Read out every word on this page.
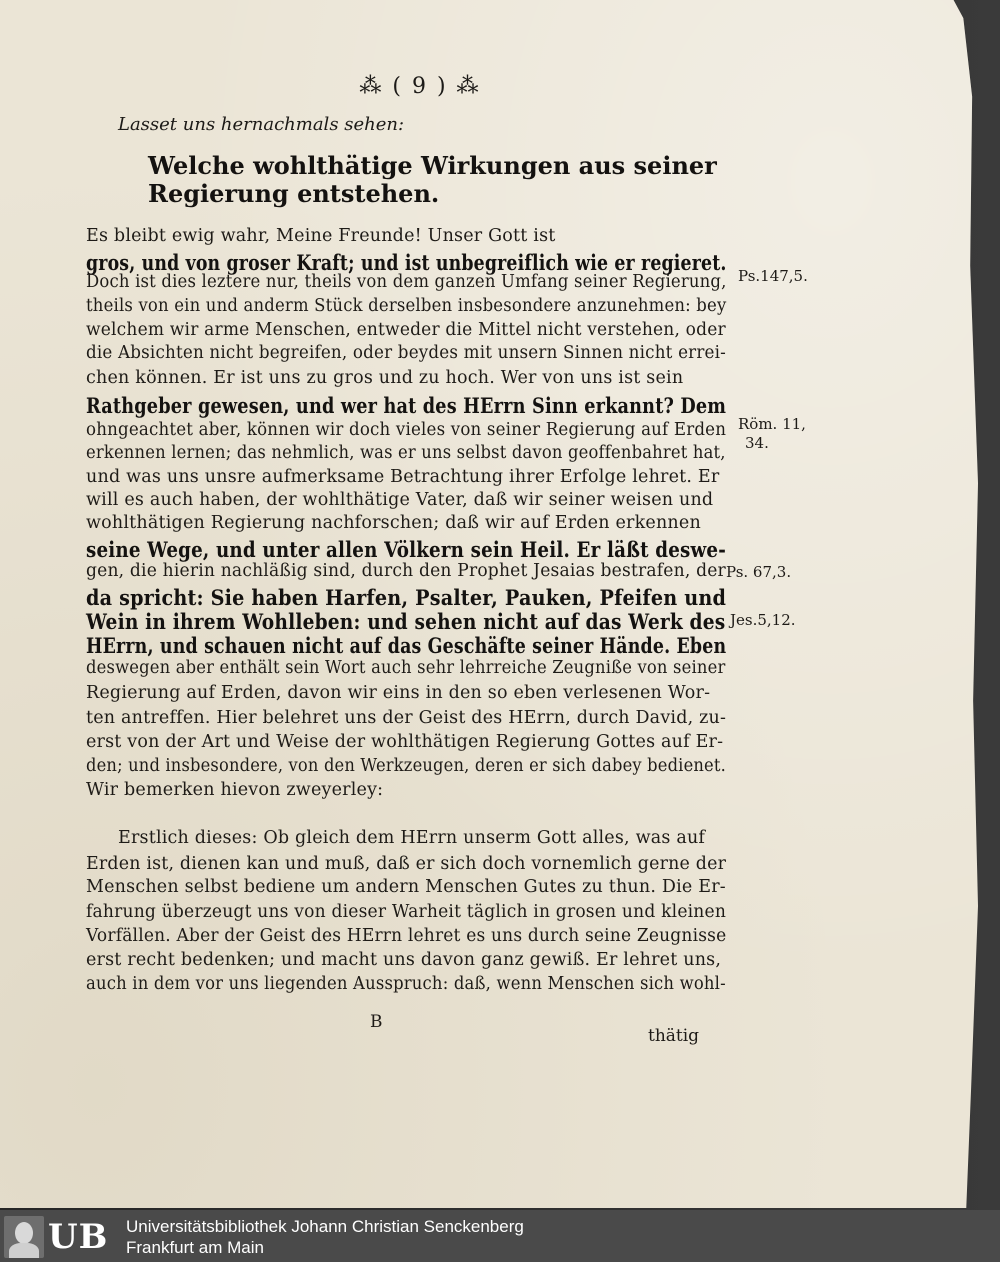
⁂ ( 9 ) ⁂
Lasset uns hernachmals sehen:
Welche wohlthätige Wirkungen aus seiner Regierung entstehen.
Es bleibt ewig wahr, Meine Freunde! Unser Gott ist
gros, und von groser Kraft; und ist unbegreiflich wie er regieret.
Doch ist dies leztere nur, theils von dem ganzen Umfang seiner Regierung,
theils von ein und anderm Stück derselben insbesondere anzunehmen: bey
welchem wir arme Menschen, entweder die Mittel nicht verstehen, oder
die Absichten nicht begreifen, oder beydes mit unsern Sinnen nicht errei-
chen können. Er ist uns zu gros und zu hoch. Wer von uns ist sein
Rathgeber gewesen, und wer hat des HErrn Sinn erkannt? Dem
ohngeachtet aber, können wir doch vieles von seiner Regierung auf Erden
erkennen lernen; das nehmlich, was er uns selbst davon geoffenbahret hat,
und was uns unsre aufmerksame Betrachtung ihrer Erfolge lehret. Er
will es auch haben, der wohlthätige Vater, daß wir seiner weisen und
wohlthätigen Regierung nachforschen; daß wir auf Erden erkennen
seine Wege, und unter allen Völkern sein Heil. Er läßt deswe-
gen, die hierin nachläßig sind, durch den Prophet Jesaias bestrafen, der
da spricht: Sie haben Harfen, Psalter, Pauken, Pfeifen und
Wein in ihrem Wohlleben: und sehen nicht auf das Werk des
HErrn, und schauen nicht auf das Geschäfte seiner Hände. Eben
deswegen aber enthält sein Wort auch sehr lehrreiche Zeugniße von seiner
Regierung auf Erden, davon wir eins in den so eben verlesenen Wor-
ten antreffen. Hier belehret uns der Geist des HErrn, durch David, zu-
erst von der Art und Weise der wohlthätigen Regierung Gottes auf Er-
den; und insbesondere, von den Werkzeugen, deren er sich dabey bedienet.
Wir bemerken hievon zweyerley:
Erstlich dieses: Ob gleich dem HErrn unserm Gott alles, was auf
Erden ist, dienen kan und muß, daß er sich doch vornemlich gerne der
Menschen selbst bediene um andern Menschen Gutes zu thun. Die Er-
fahrung überzeugt uns von dieser Warheit täglich in grosen und kleinen
Vorfällen. Aber der Geist des HErrn lehret es uns durch seine Zeugnisse
erst recht bedenken; und macht uns davon ganz gewiß. Er lehret uns,
auch in dem vor uns liegenden Ausspruch: daß, wenn Menschen sich wohl-
Ps.147,5.
Röm. 11,
34.
Ps. 67,3.
Jes.5,12.
B
thätig
UB Universitätsbibliothek Johann Christian Senckenberg
Frankfurt am Main
